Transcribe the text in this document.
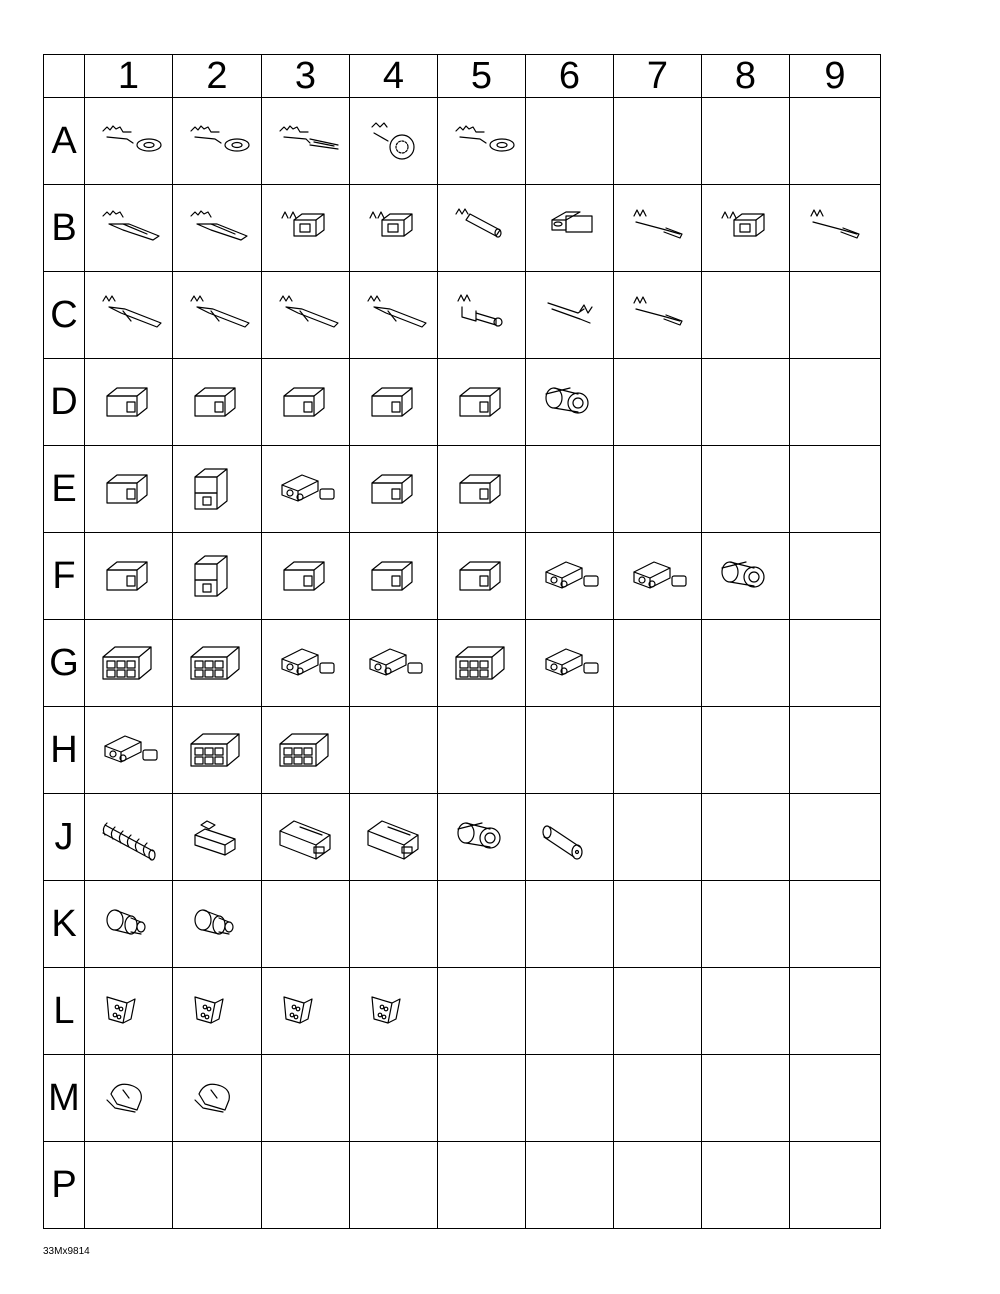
	1	2	3	4	5	6	7	8	9
A	

B	

C	

D	

E	

F	

G	

H	

J	

K	

L	

M	

P									
33Mx9814
